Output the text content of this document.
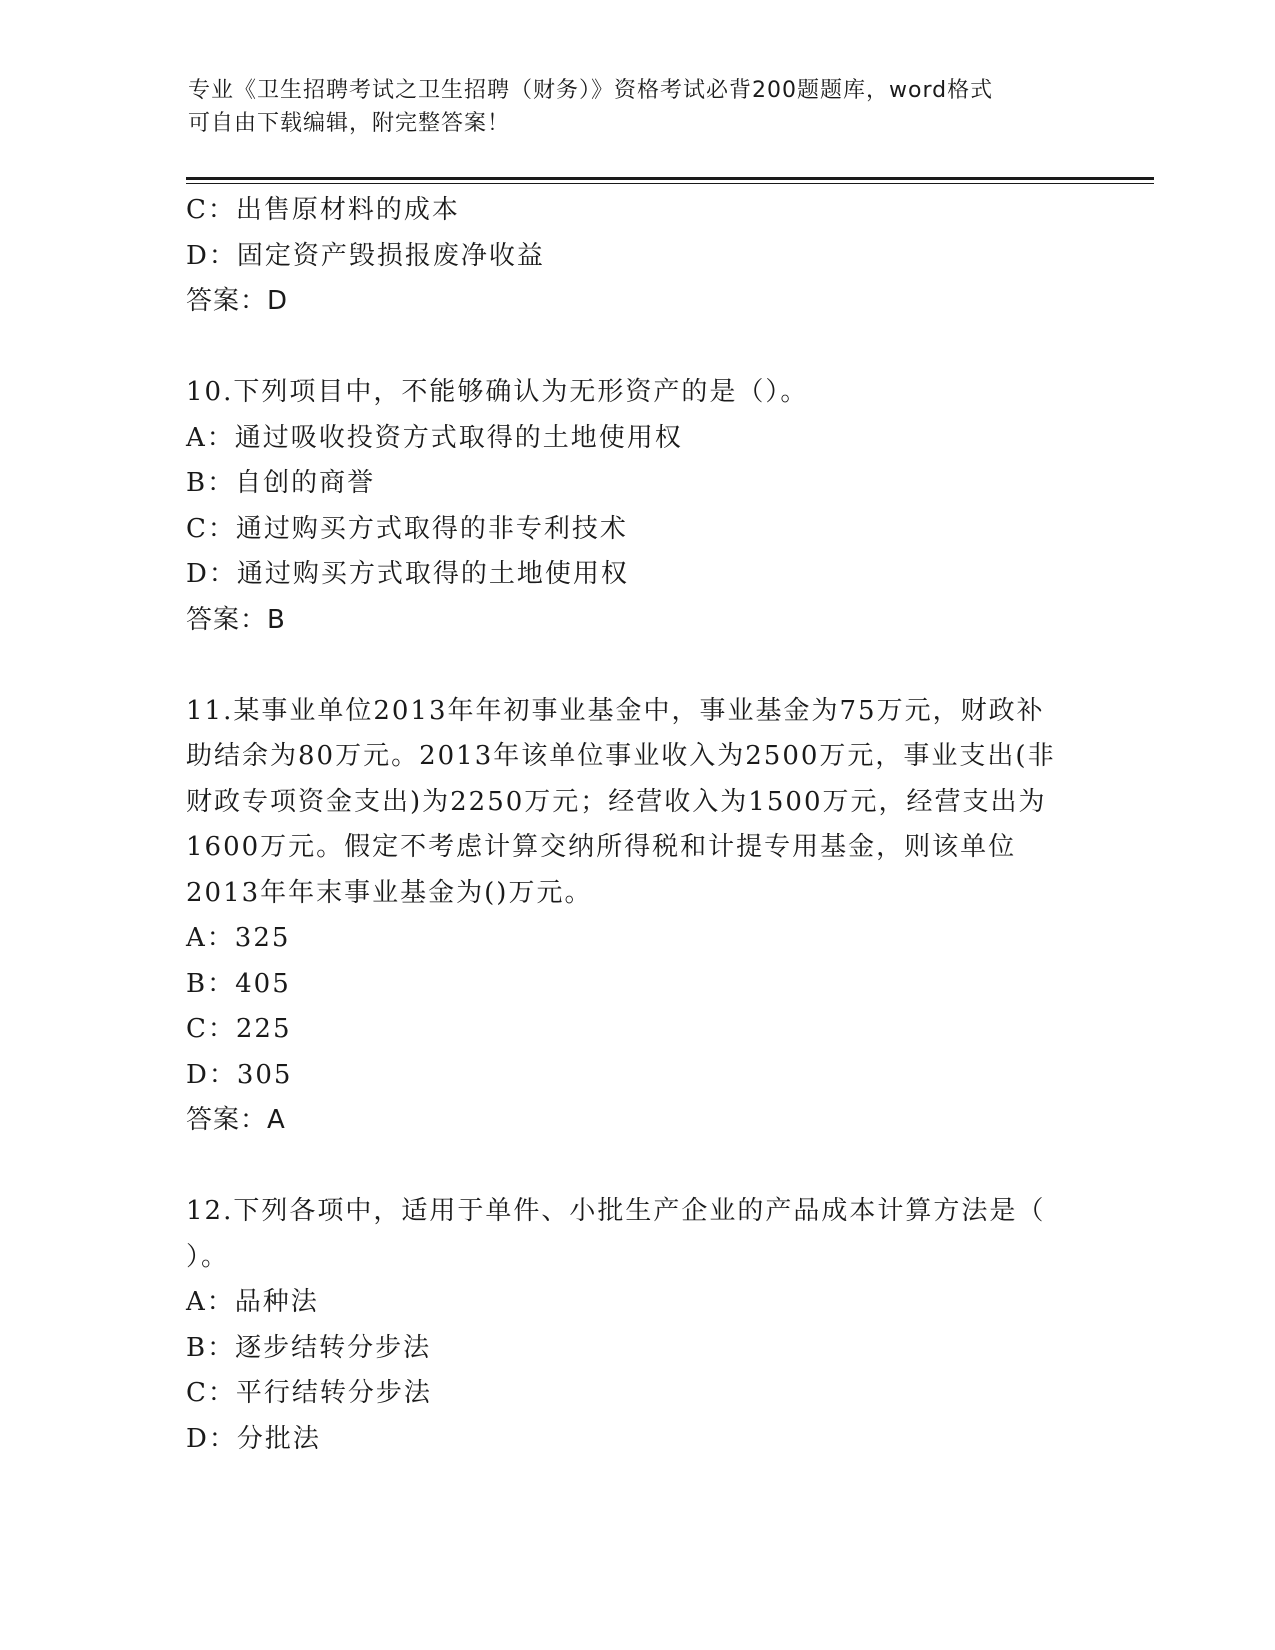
专业《卫生招聘考试之卫生招聘（财务）》资格考试必背200题题库，word格式
可自由下载编辑，附完整答案！
C：出售原材料的成本
D：固定资产毁损报废净收益
答案：D
10.下列项目中，不能够确认为无形资产的是（）。
A：通过吸收投资方式取得的土地使用权
B：自创的商誉
C：通过购买方式取得的非专利技术
D：通过购买方式取得的土地使用权
答案：B
11.某事业单位2013年年初事业基金中，事业基金为75万元，财政补
助结余为80万元。2013年该单位事业收入为2500万元，事业支出(非
财政专项资金支出)为2250万元；经营收入为1500万元，经营支出为
1600万元。假定不考虑计算交纳所得税和计提专用基金，则该单位
2013年年末事业基金为()万元。
A：325
B：405
C：225
D：305
答案：A
12.下列各项中，适用于单件、小批生产企业的产品成本计算方法是（
）。
A：品种法
B：逐步结转分步法
C：平行结转分步法
D：分批法
